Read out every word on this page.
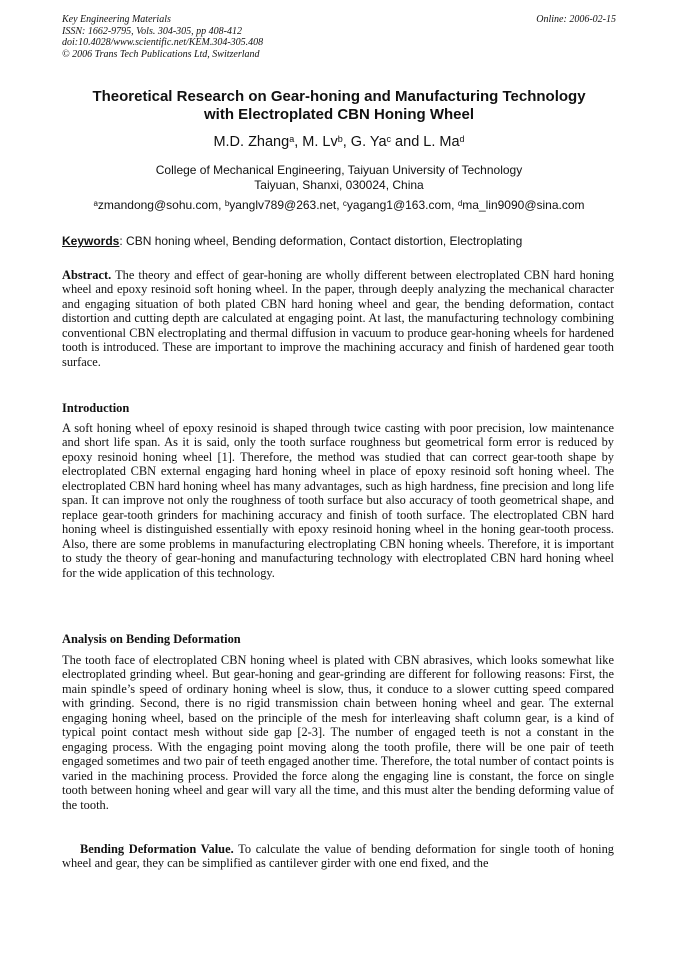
Key Engineering Materials
ISSN: 1662-9795, Vols. 304-305, pp 408-412
doi:10.4028/www.scientific.net/KEM.304-305.408
© 2006 Trans Tech Publications Ltd, Switzerland
Online: 2006-02-15
Theoretical Research on Gear-honing and Manufacturing Technology
with Electroplated CBN Honing Wheel
M.D. Zhang$^a$, M. Lv$^b$, G. Ya$^c$ and L. Ma$^d$
College of Mechanical Engineering, Taiyuan University of Technology
Taiyuan, Shanxi, 030024, China
$^a$zmandong@sohu.com, $^b$yanglv789@263.net, $^c$yagang1@163.com, $^d$ma_lin9090@sina.com
Keywords: CBN honing wheel, Bending deformation, Contact distortion, Electroplating
Abstract. The theory and effect of gear-honing are wholly different between electroplated CBN hard honing wheel and epoxy resinoid soft honing wheel. In the paper, through deeply analyzing the mechanical character and engaging situation of both plated CBN hard honing wheel and gear, the bending deformation, contact distortion and cutting depth are calculated at engaging point. At last, the manufacturing technology combining conventional CBN electroplating and thermal diffusion in vacuum to produce gear-honing wheels for hardened tooth is introduced. These are important to improve the machining accuracy and finish of hardened gear tooth surface.
Introduction
A soft honing wheel of epoxy resinoid is shaped through twice casting with poor precision, low maintenance and short life span. As it is said, only the tooth surface roughness but geometrical form error is reduced by epoxy resinoid honing wheel [1]. Therefore, the method was studied that can correct gear-tooth shape by electroplated CBN external engaging hard honing wheel in place of epoxy resinoid soft honing wheel. The electroplated CBN hard honing wheel has many advantages, such as high hardness, fine precision and long life span. It can improve not only the roughness of tooth surface but also accuracy of tooth geometrical shape, and replace gear-tooth grinders for machining accuracy and finish of tooth surface. The electroplated CBN hard honing wheel is distinguished essentially with epoxy resinoid honing wheel in the honing gear-tooth process. Also, there are some problems in manufacturing electroplating CBN honing wheels. Therefore, it is important to study the theory of gear-honing and manufacturing technology with electroplated CBN hard honing wheel for the wide application of this technology.
Analysis on Bending Deformation
The tooth face of electroplated CBN honing wheel is plated with CBN abrasives, which looks somewhat like electroplated grinding wheel. But gear-honing and gear-grinding are different for following reasons: First, the main spindle’s speed of ordinary honing wheel is slow, thus, it conduce to a slower cutting speed compared with grinding. Second, there is no rigid transmission chain between honing wheel and gear. The external engaging honing wheel, based on the principle of the mesh for interleaving shaft column gear, is a kind of typical point contact mesh without side gap [2-3]. The number of engaged teeth is not a constant in the engaging process. With the engaging point moving along the tooth profile, there will be one pair of teeth engaged sometimes and two pair of teeth engaged another time. Therefore, the total number of contact points is varied in the machining process. Provided the force along the engaging line is constant, the force on single tooth between honing wheel and gear will vary all the time, and this must alter the bending deforming value of the tooth.
Bending Deformation Value. To calculate the value of bending deformation for single tooth of honing wheel and gear, they can be simplified as cantilever girder with one end fixed, and the
